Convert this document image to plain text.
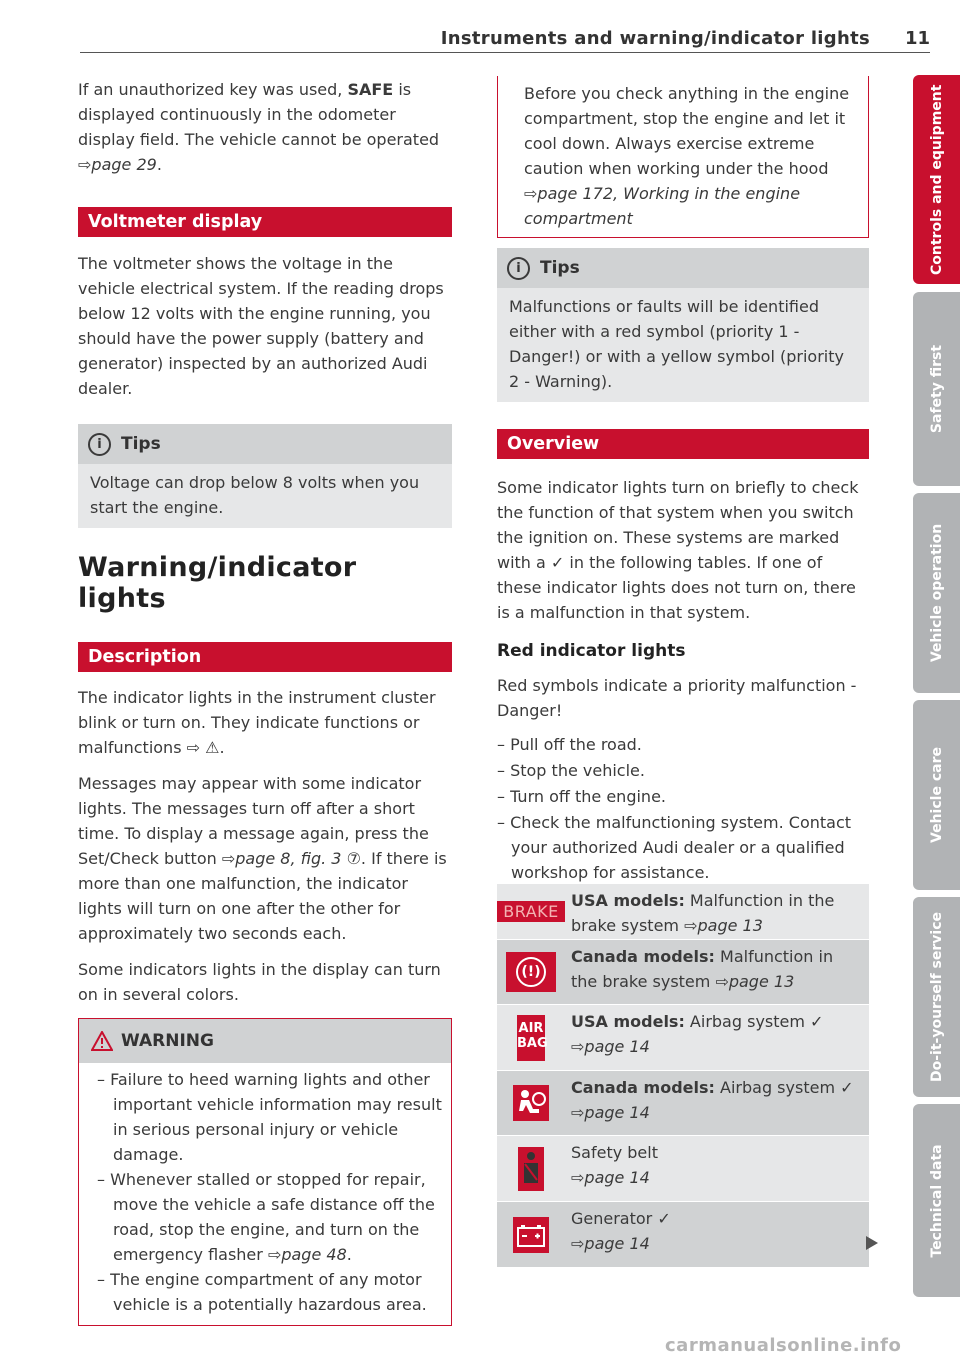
Instruments and warning/indicator lights 11

If an unauthorized key was used, SAFE is displayed continuously in the odometer display field. The vehicle cannot be operated ⇨page 29.

Voltmeter display

The voltmeter shows the voltage in the vehicle electrical system. If the reading drops below 12 volts with the engine running, you should have the power supply (battery and generator) inspected by an authorized Audi dealer.

i	Tips
Voltage can drop below 8 volts when you start the engine.
Warning/indicator lights
Description

The indicator lights in the instrument cluster blink or turn on. They indicate functions or malfunctions ⇨ ⚠.

Messages may appear with some indicator lights. The messages turn off after a short time. To display a message again, press the Set/Check button ⇨page 8, fig. 3 ⑦. If there is more than one malfunction, the indicator lights will turn on one after the other for approximately two seconds each.

Some indicators lights in the display can turn on in several colors.

WARNING

– Failure to heed warning lights and other important vehicle information may result in serious personal injury or vehicle damage.

– Whenever stalled or stopped for repair, move the vehicle a safe distance off the road, stop the engine, and turn on the emergency flasher ⇨page 48.

– The engine compartment of any motor vehicle is a potentially hazardous area.

Before you check anything in the engine compartment, stop the engine and let it cool down. Always exercise extreme caution when working under the hood ⇨page 172, Working in the engine compartment
i	Tips
Malfunctions or faults will be identified either with a red symbol (priority 1 - Danger!) or with a yellow symbol (priority 2 - Warning).
Overview

Some indicator lights turn on briefly to check the function of that system when you switch the ignition on. These systems are marked with a ✓ in the following tables. If one of these indicator lights does not turn on, there is a malfunction in that system.

Red indicator lights

Red symbols indicate a priority malfunction - Danger!

– Pull off the road.

– Stop the vehicle.

– Turn off the engine.

– Check the malfunctioning system. Contact your authorized Audi dealer or a qualified workshop for assistance.

BRAKE
USA models: Malfunction in the brake system ⇨page 13
(!)
Canada models: Malfunction in the brake system ⇨page 13
AIR BAG
USA models: Airbag system ✓
⇨page 14
Canada models: Airbag system ✓
⇨page 14
Safety belt
⇨page 14
Generator ✓
⇨page 14
Controls and equipment
Safety first
Vehicle operation
Vehicle care
Do-it-yourself service
Technical data
carmanualsonline.info
